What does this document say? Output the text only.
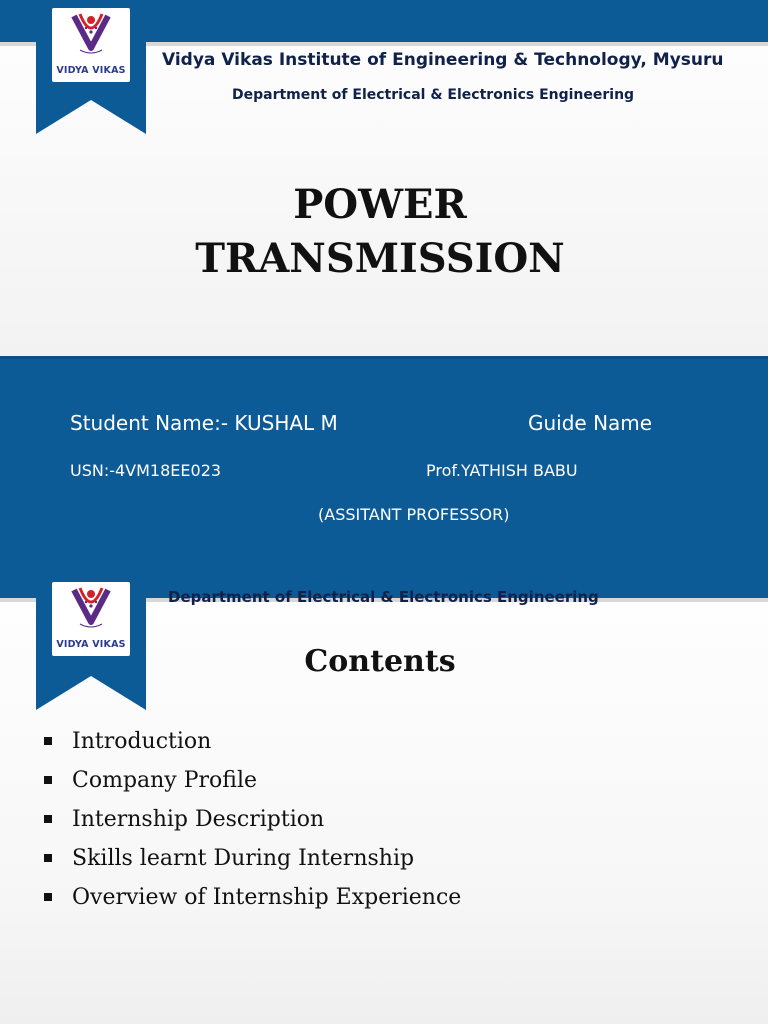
VIDYA VIKAS
Vidya Vikas Institute of Engineering & Technology, Mysuru
Department of Electrical & Electronics Engineering
POWER
TRANSMISSION
Student Name:- KUSHAL M	Guide Name
USN:-4VM18EE023	Prof.YATHISH BABU
(ASSITANT PROFESSOR)
VIDYA VIKAS
Department of Electrical & Electronics Engineering
Contents
Introduction
Company Profile
Internship Description
Skills learnt During Internship
Overview of Internship Experience
